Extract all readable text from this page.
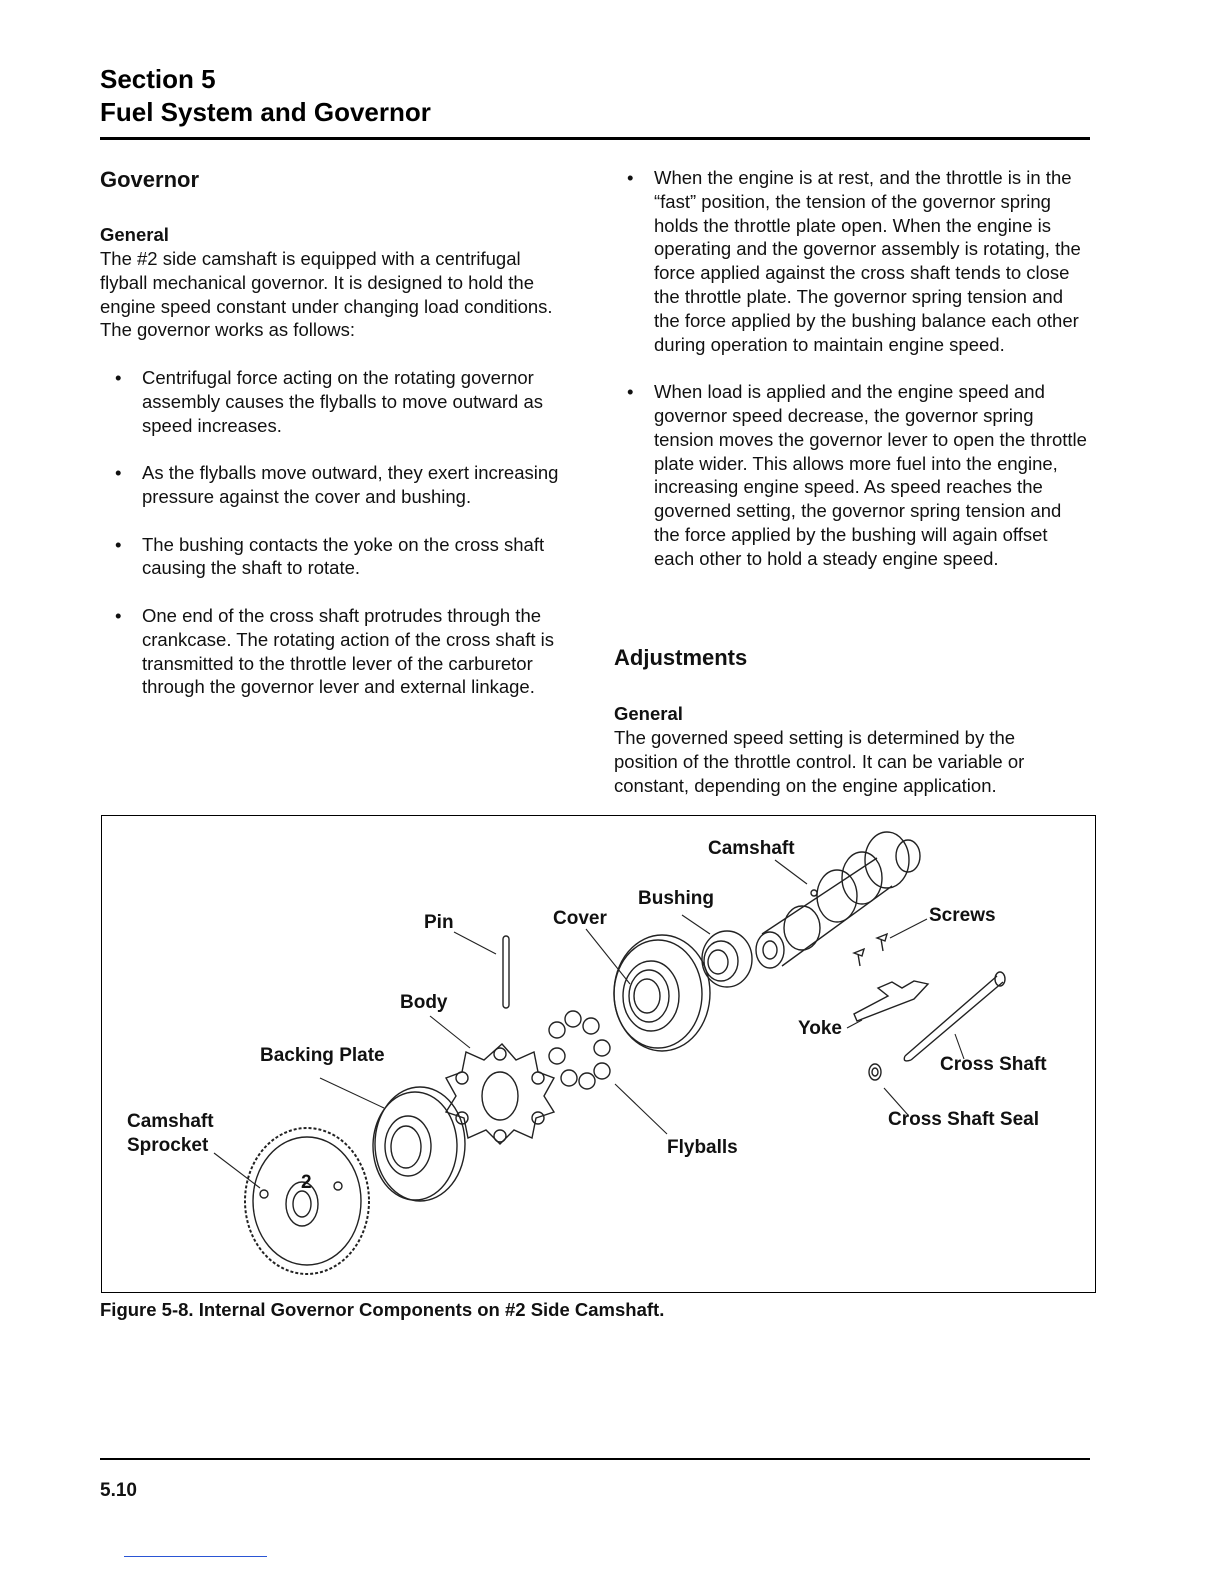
Section 5
Fuel System and Governor
Governor
General

The #2 side camshaft is equipped with a centrifugal flyball mechanical governor. It is designed to hold the engine speed constant under changing load conditions. The governor works as follows:

• Centrifugal force acting on the rotating governor assembly causes the flyballs to move outward as speed increases.
• As the flyballs move outward, they exert increasing pressure against the cover and bushing.
• The bushing contacts the yoke on the cross shaft causing the shaft to rotate.
• One end of the cross shaft protrudes through the crankcase. The rotating action of the cross shaft is transmitted to the throttle lever of the carburetor through the governor lever and external linkage.
• When the engine is at rest, and the throttle is in the “fast” position, the tension of the governor spring holds the throttle plate open. When the engine is operating and the governor assembly is rotating, the force applied against the cross shaft tends to close the throttle plate. The governor spring tension and the force applied by the bushing balance each other during operation to maintain engine speed.
• When load is applied and the engine speed and governor speed decrease, the governor spring tension moves the governor lever to open the throttle plate wider. This allows more fuel into the engine, increasing engine speed. As speed reaches the governed setting, the governor spring tension and the force applied by the bushing will again offset each other to hold a steady engine speed.
Adjustments
General

The governed speed setting is determined by the position of the throttle control. It can be variable or constant, depending on the engine application.

2
Camshaft
Bushing
Pin	Cover	Screws
Body
Yoke
Backing Plate	Cross Shaft
Cross Shaft Seal
Camshaft
Sprocket	Flyballs
Figure 5-8. Internal Governor Components on #2 Side Camshaft.
5.10
